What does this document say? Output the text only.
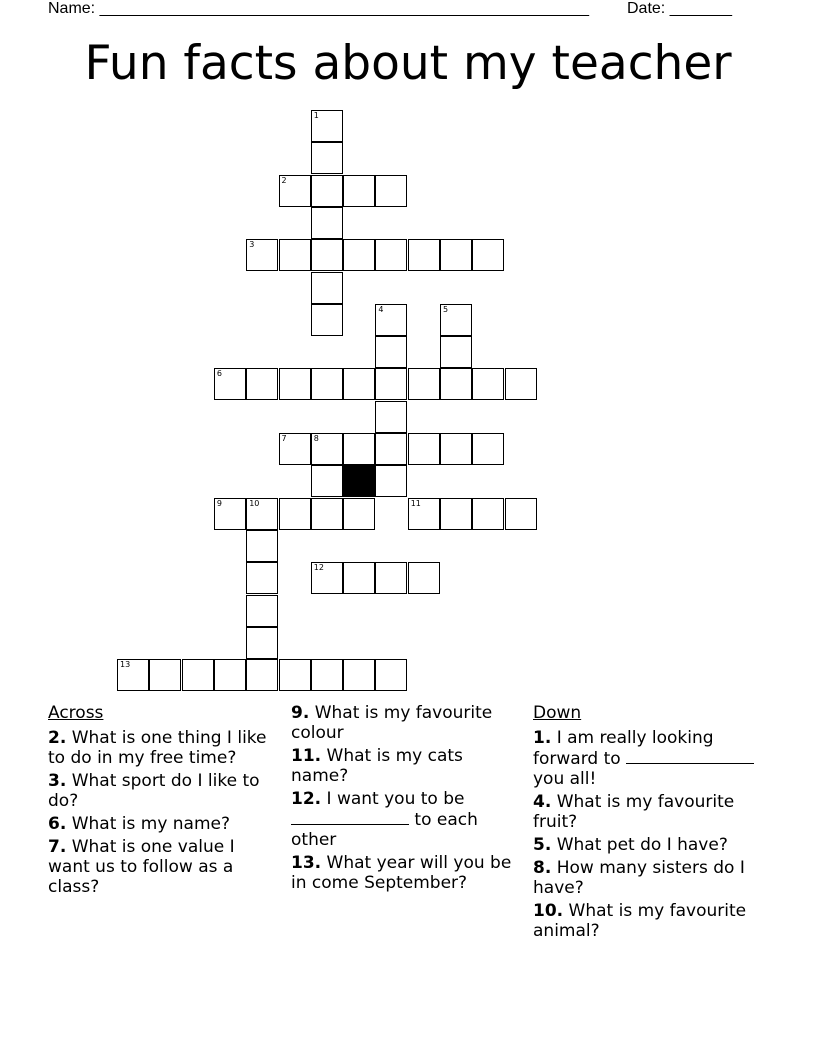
Name: _______________________________________________________ Date: _______
Fun facts about my teacher
1
2
3
4	5
6
7	8
9	10	11
12
13
Across
2. What is one thing I like to do in my free time?
3. What sport do I like to do?
6. What is my name?
7. What is one value I want us to follow as a class?
9. What is my favourite colour
11. What is my cats name?
12. I want you to be  to each other
13. What year will you be in come September?
Down
1. I am really looking forward to  you all!
4. What is my favourite fruit?
5. What pet do I have?
8. How many sisters do I have?
10. What is my favourite animal?
